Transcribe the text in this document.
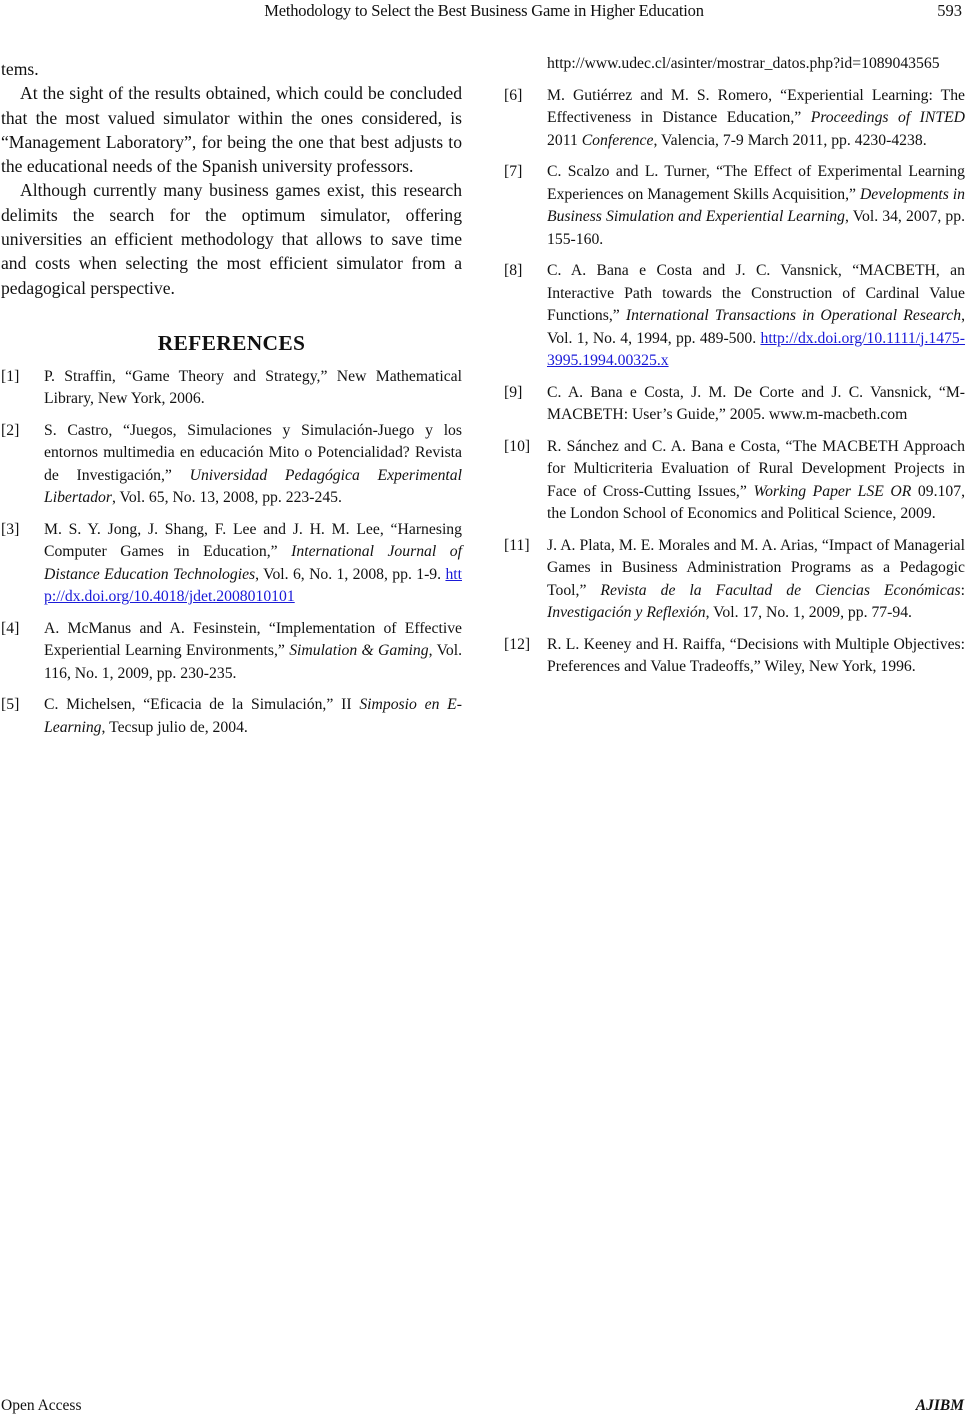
Methodology to Select the Best Business Game in Higher Education	593

tems.

At the sight of the results obtained, which could be concluded that the most valued simulator within the ones considered, is “Management Laboratory”, for being the one that best adjusts to the educational needs of the Spanish university professors.

Although currently many business games exist, this research delimits the search for the optimum simulator, offering universities an efficient methodology that allows to save time and costs when selecting the most efficient simulator from a pedagogical perspective.

REFERENCES
[1]	P. Straffin, “Game Theory and Strategy,” New Mathematical Library, New York, 2006.
[2]	S. Castro, “Juegos, Simulaciones y Simulación-Juego y los entornos multimedia en educación Mito o Potencialidad? Revista de Investigación,” Universidad Pedagógica Experimental Libertador, Vol. 65, No. 13, 2008, pp. 223-245.
[3]	M. S. Y. Jong, J. Shang, F. Lee and J. H. M. Lee, “Harnesing Computer Games in Education,” International Journal of Distance Education Technologies, Vol. 6, No. 1, 2008, pp. 1-9. http://dx.doi.org/10.4018/jdet.2008010101
[4]	A. McManus and A. Fesinstein, “Implementation of Effective Experiential Learning Environments,” Simulation & Gaming, Vol. 116, No. 1, 2009, pp. 230-235.
[5]	C. Michelsen, “Eficacia de la Simulación,” II Simposio en E-Learning, Tecsup julio de, 2004.
http://www.udec.cl/asinter/mostrar_datos.php?id=1089043565
[6]	M. Gutiérrez and M. S. Romero, “Experiential Learning: The Effectiveness in Distance Education,” Proceedings of INTED 2011 Conference, Valencia, 7-9 March 2011, pp. 4230-4238.
[7]	C. Scalzo and L. Turner, “The Effect of Experimental Learning Experiences on Management Skills Acquisition,” Developments in Business Simulation and Experiential Learning, Vol. 34, 2007, pp. 155-160.
[8]	C. A. Bana e Costa and J. C. Vansnick, “MACBETH, an Interactive Path towards the Construction of Cardinal Value Functions,” International Transactions in Operational Research, Vol. 1, No. 4, 1994, pp. 489-500. http://dx.doi.org/10.1111/j.1475-3995.1994.00325.x
[9]	C. A. Bana e Costa, J. M. De Corte and J. C. Vansnick, “M-MACBETH: User’s Guide,” 2005. www.m-macbeth.com
[10]	R. Sánchez and C. A. Bana e Costa, “The MACBETH Approach for Multicriteria Evaluation of Rural Development Projects in Face of Cross-Cutting Issues,” Working Paper LSE OR 09.107, the London School of Economics and Political Science, 2009.
[11]	J. A. Plata, M. E. Morales and M. A. Arias, “Impact of Managerial Games in Business Administration Programs as a Pedagogic Tool,” Revista de la Facultad de Ciencias Económicas: Investigación y Reflexión, Vol. 17, No. 1, 2009, pp. 77-94.
[12]	R. L. Keeney and H. Raiffa, “Decisions with Multiple Objectives: Preferences and Value Tradeoffs,” Wiley, New York, 1996.
Open Access	AJIBM
